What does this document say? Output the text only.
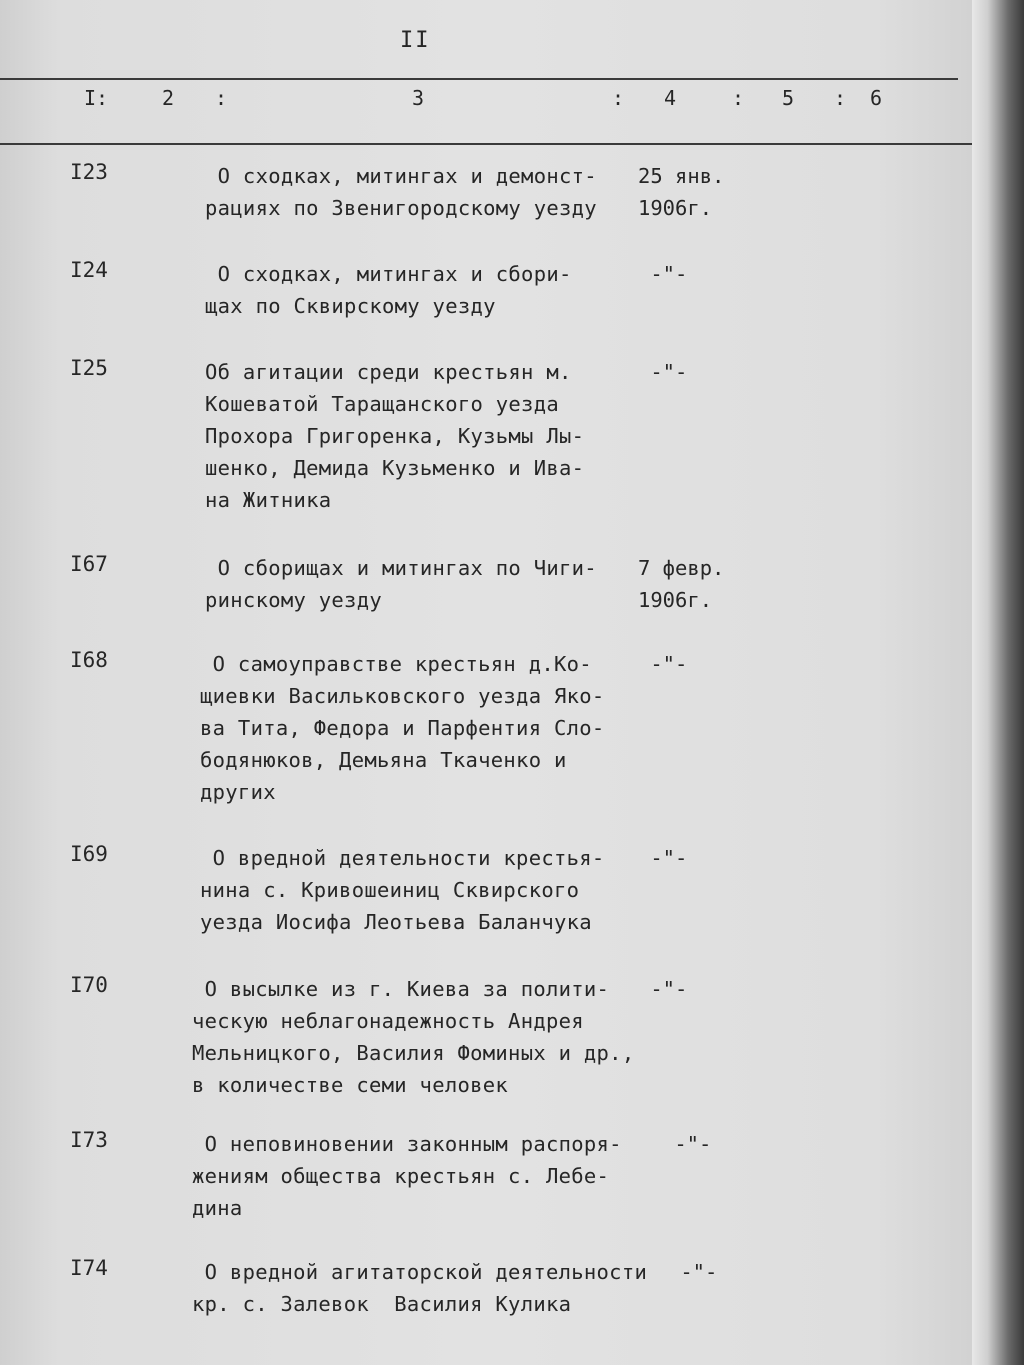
II
I:	2 :	3	: 4	: 5 : 6
I23	О сходках, митингах и демонст-
рациях по Звенигородскому уезду
25 янв.
1906г.
I24	О сходках, митингах и сбори-
щах по Сквирскому уезду
-"-
I25	Об агитации среди крестьян м.
Кошеватой Таращанского уезда
Прохора Григоренка, Кузьмы Лы-
шенко, Демида Кузьменко и Ива-
на Житника
-"-
I67	О сборищах и митингах по Чиги-
ринскому уезду
7 февр.
1906г.
I68	О самоуправстве крестьян д.Ко-
щиевки Васильковского уезда Яко-
ва Тита, Федора и Парфентия Сло-
бодянюков, Демьяна Ткаченко и
других
-"-
I69	О вредной деятельности крестья-
нина с. Кривошеиниц Сквирского
уезда Иосифа Леотьева Баланчука
-"-
I70	О высылке из г. Киева за полити-
ческую неблагонадежность Андрея
Мельницкого, Василия Фоминых и др.,
в количестве семи человек
-"-
I73	О неповиновении законным распоря-
жениям общества крестьян с. Лебе-
дина
-"-
I74	О вредной агитаторской деятельности
кр. с. Залевок  Василия Кулика
-"-
